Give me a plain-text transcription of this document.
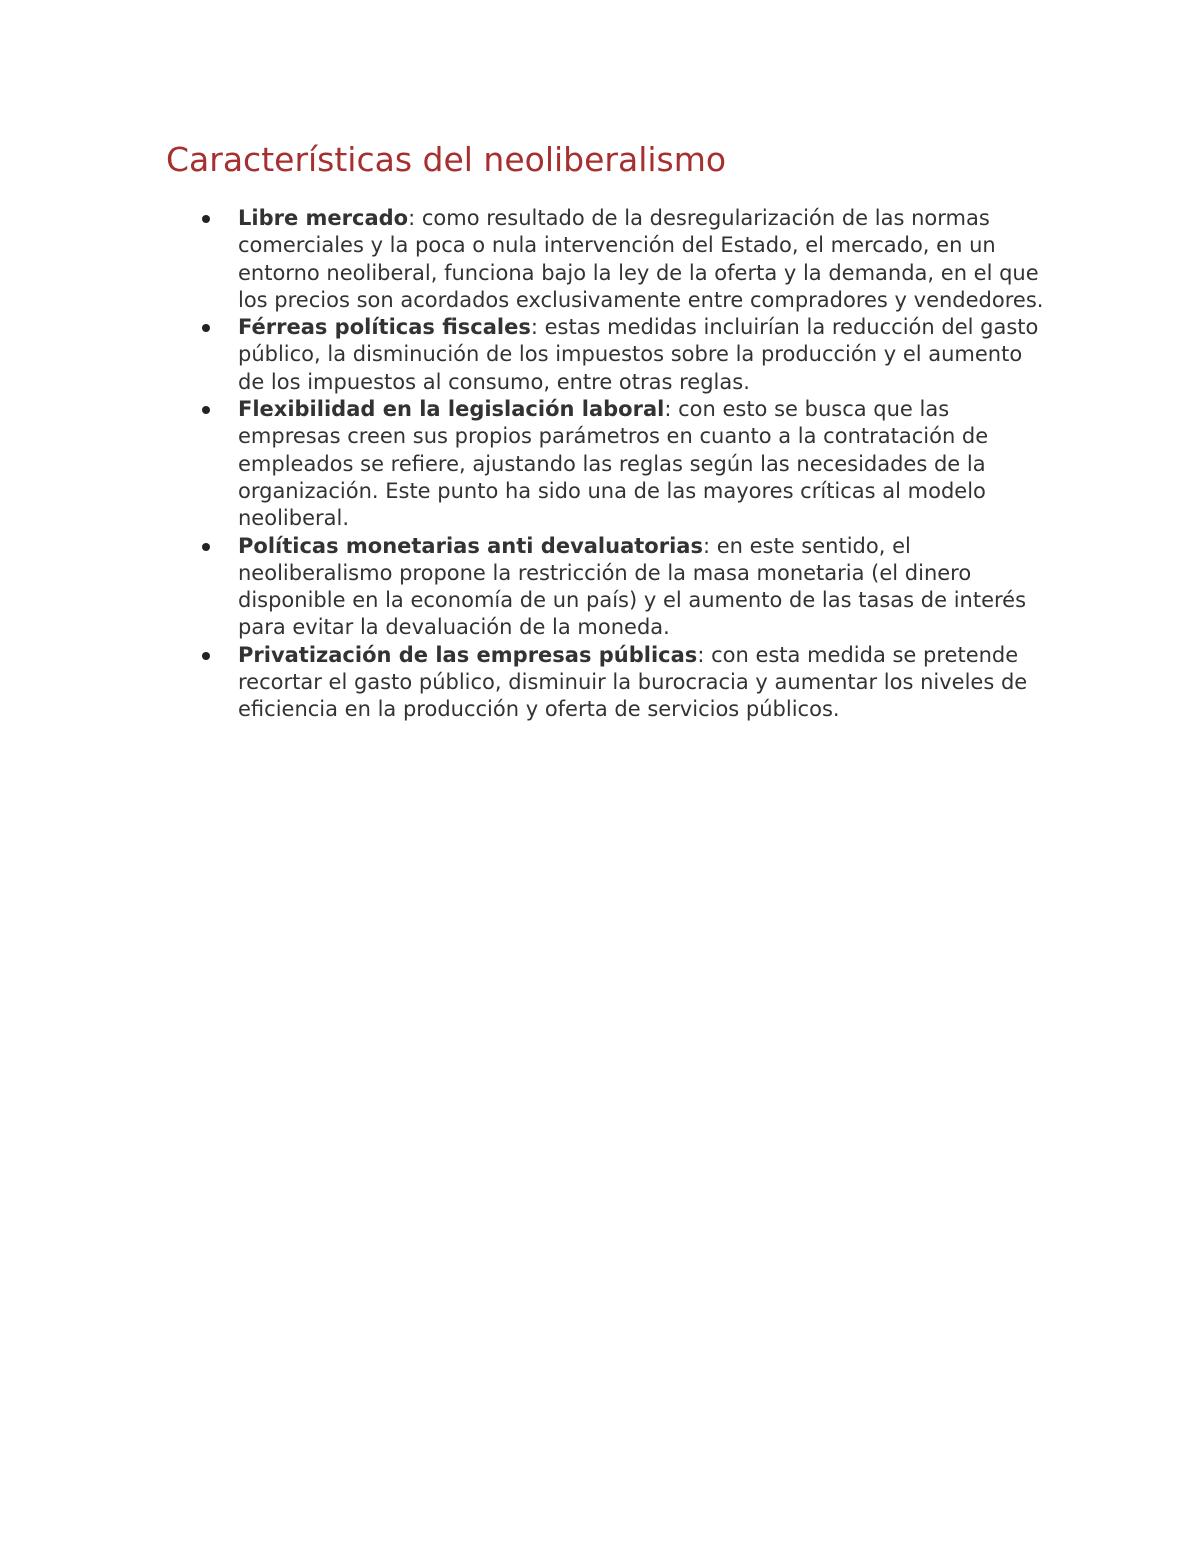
Características del neoliberalismo
Libre mercado: como resultado de la desregularización de las normas comerciales y la poca o nula intervención del Estado, el mercado, en un entorno neoliberal, funciona bajo la ley de la oferta y la demanda, en el que los precios son acordados exclusivamente entre compradores y vendedores.
Férreas políticas fiscales: estas medidas incluirían la reducción del gasto público, la disminución de los impuestos sobre la producción y el aumento de los impuestos al consumo, entre otras reglas.
Flexibilidad en la legislación laboral: con esto se busca que las empresas creen sus propios parámetros en cuanto a la contratación de empleados se refiere, ajustando las reglas según las necesidades de la organización. Este punto ha sido una de las mayores críticas al modelo neoliberal.
Políticas monetarias anti devaluatorias: en este sentido, el neoliberalismo propone la restricción de la masa monetaria (el dinero disponible en la economía de un país) y el aumento de las tasas de interés para evitar la devaluación de la moneda.
Privatización de las empresas públicas: con esta medida se pretende recortar el gasto público, disminuir la burocracia y aumentar los niveles de eficiencia en la producción y oferta de servicios públicos.
